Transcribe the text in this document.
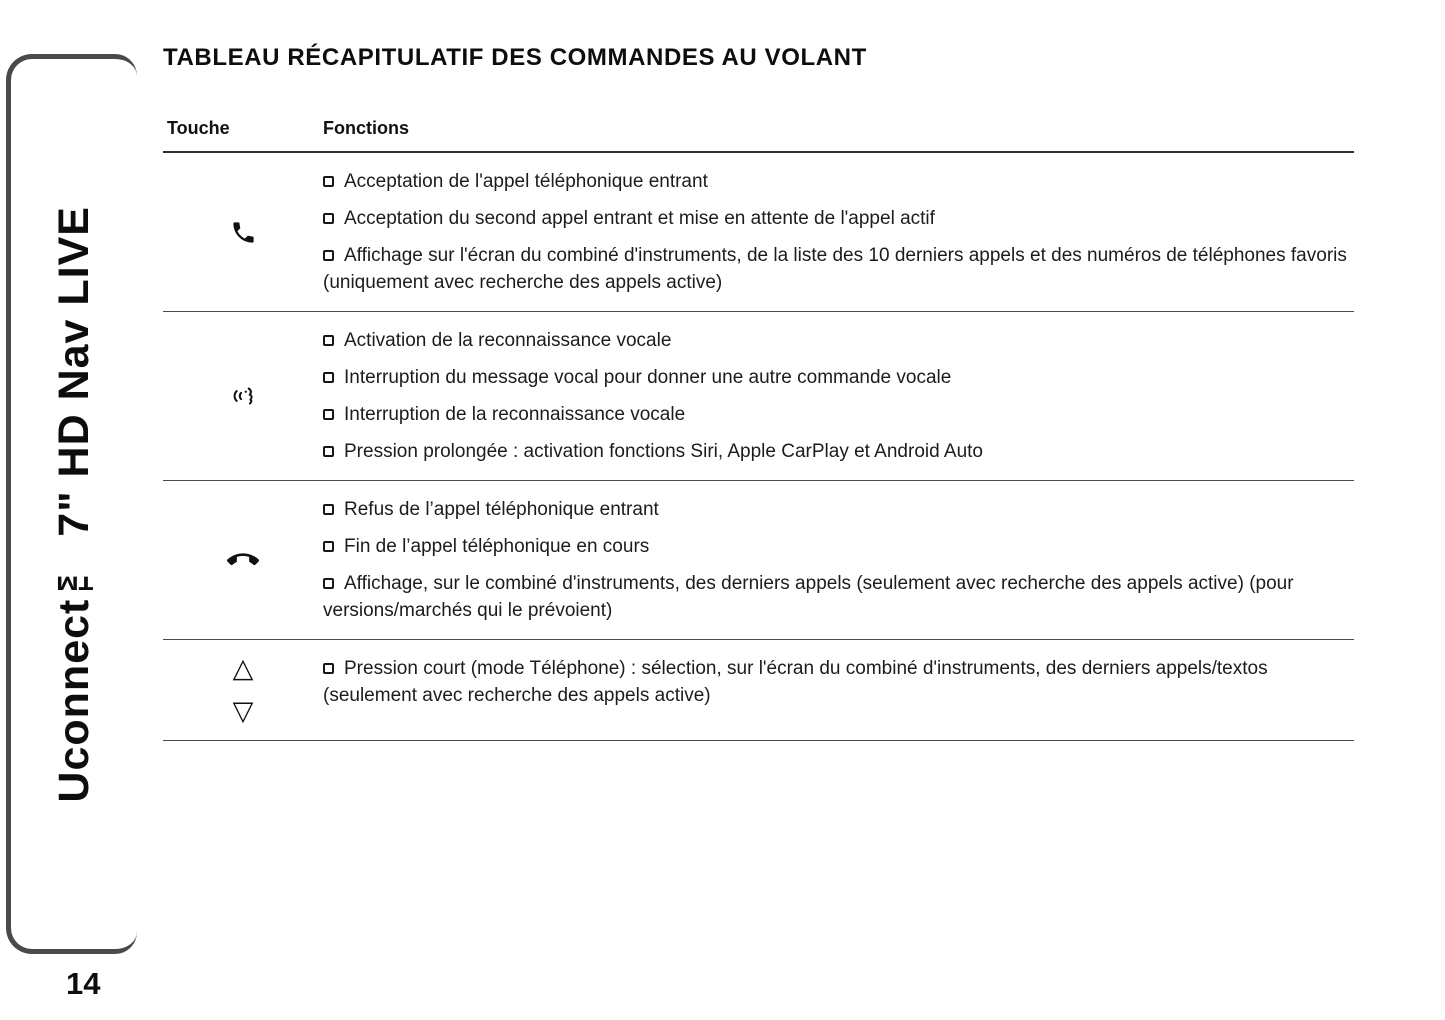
Uconnect™ 7" HD Nav LIVE
14
TABLEAU RÉCAPITULATIF DES COMMANDES AU VOLANT
Touche	Fonctions
Acceptation de l'appel téléphonique entrant
Acceptation du second appel entrant et mise en attente de l'appel actif
Affichage sur l'écran du combiné d'instruments, de la liste des 10 derniers appels et des numéros de téléphones favoris (uniquement avec recherche des appels active)
Activation de la reconnaissance vocale
Interruption du message vocal pour donner une autre commande vocale
Interruption de la reconnaissance vocale
Pression prolongée : activation fonctions Siri, Apple CarPlay et Android Auto
Refus de l’appel téléphonique entrant
Fin de l’appel téléphonique en cours
Affichage, sur le combiné d'instruments, des derniers appels (seulement avec recherche des appels active) (pour versions/marchés qui le prévoient)
△
▽
Pression court (mode Téléphone) : sélection, sur l'écran du combiné d'instruments, des derniers appels/textos (seulement avec recherche des appels active)
